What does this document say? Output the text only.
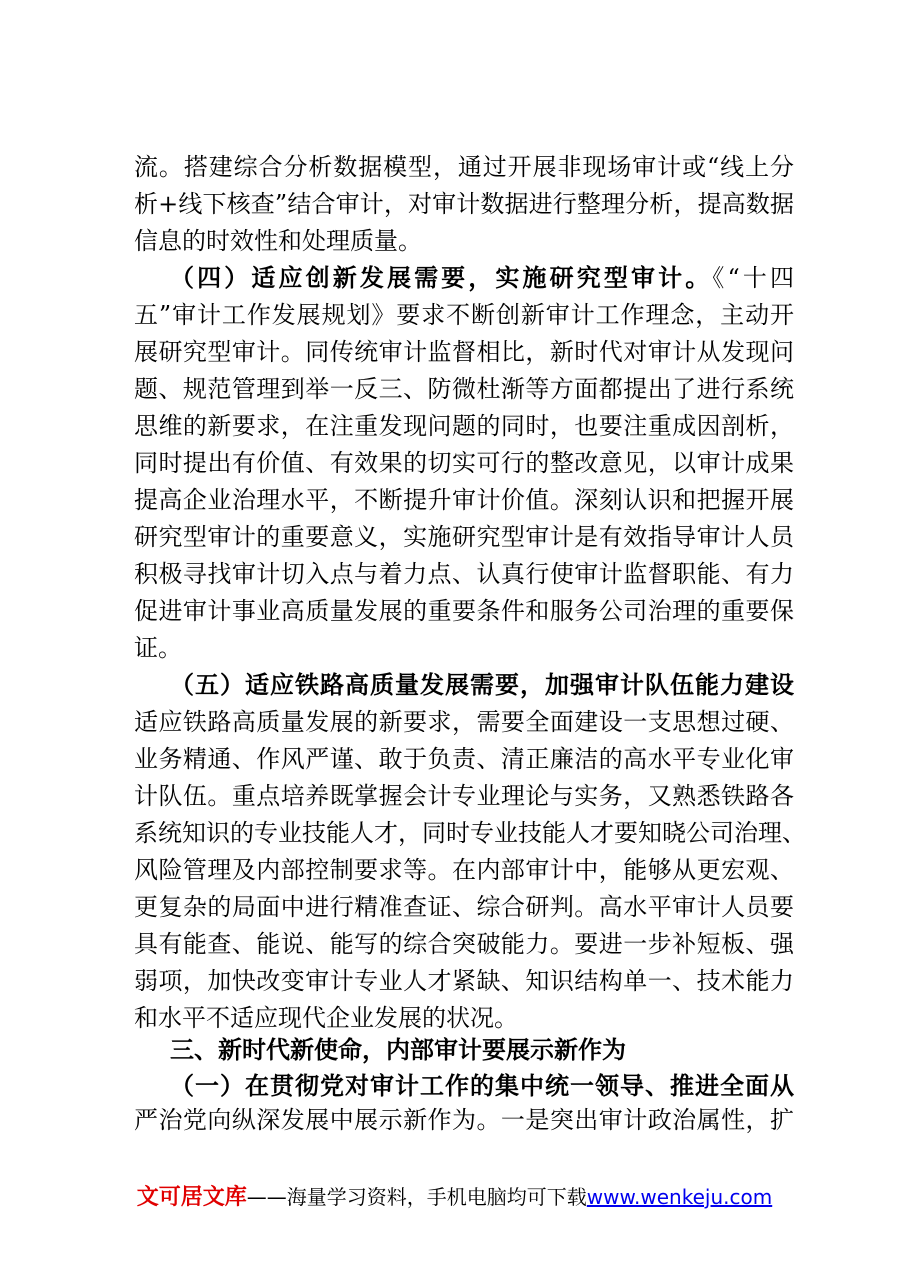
流。搭建综合分析数据模型，通过开展非现场审计或“线上分
析+线下核查”结合审计，对审计数据进行整理分析，提高数据
信息的时效性和处理质量。
（四）适应创新发展需要，实施研究型审计。《“十四
五”审计工作发展规划》要求不断创新审计工作理念，主动开
展研究型审计。同传统审计监督相比，新时代对审计从发现问
题、规范管理到举一反三、防微杜渐等方面都提出了进行系统
思维的新要求，在注重发现问题的同时，也要注重成因剖析，
同时提出有价值、有效果的切实可行的整改意见，以审计成果
提高企业治理水平，不断提升审计价值。深刻认识和把握开展
研究型审计的重要意义，实施研究型审计是有效指导审计人员
积极寻找审计切入点与着力点、认真行使审计监督职能、有力
促进审计事业高质量发展的重要条件和服务公司治理的重要保
证。
（五）适应铁路高质量发展需要，加强审计队伍能力建设
适应铁路高质量发展的新要求，需要全面建设一支思想过硬、
业务精通、作风严谨、敢于负责、清正廉洁的高水平专业化审
计队伍。重点培养既掌握会计专业理论与实务，又熟悉铁路各
系统知识的专业技能人才，同时专业技能人才要知晓公司治理、
风险管理及内部控制要求等。在内部审计中，能够从更宏观、
更复杂的局面中进行精准查证、综合研判。高水平审计人员要
具有能查、能说、能写的综合突破能力。要进一步补短板、强
弱项，加快改变审计专业人才紧缺、知识结构单一、技术能力
和水平不适应现代企业发展的状况。
三、新时代新使命，内部审计要展示新作为
（一）在贯彻党对审计工作的集中统一领导、推进全面从
严治党向纵深发展中展示新作为。一是突出审计政治属性，扩
文可居文库——海量学习资料，手机电脑均可下载www.wenkeju.com
